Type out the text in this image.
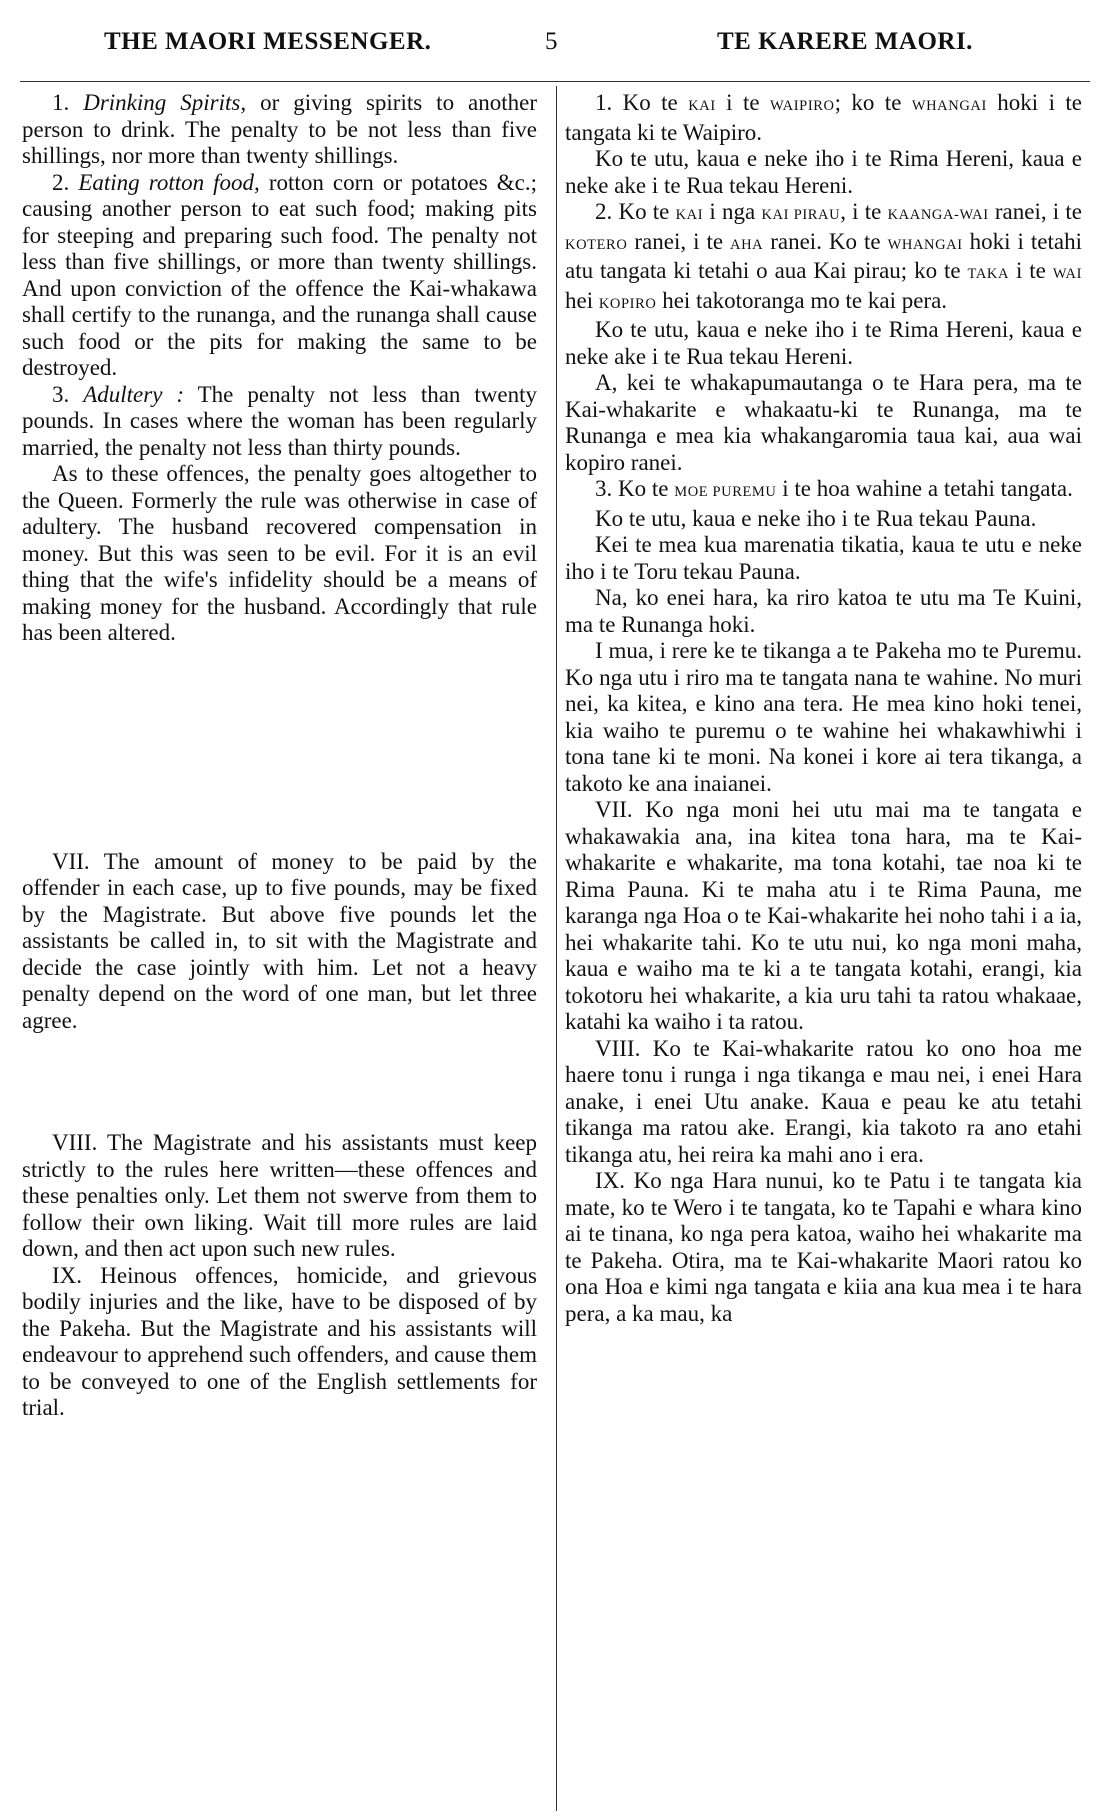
THE MAORI MESSENGER.	5	TE KARERE MAORI.

1. Drinking Spirits, or giving spirits to another person to drink. The penalty to be not less than five shillings, nor more than twenty shillings.

2. Eating rotton food, rotton corn or potatoes &c.; causing another person to eat such food; making pits for steeping and preparing such food. The penalty not less than five shillings, or more than twenty shillings. And upon conviction of the offence the Kai-whakawa shall certify to the runanga, and the runanga shall cause such food or the pits for making the same to be destroyed.

3. Adultery : The penalty not less than twenty pounds. In cases where the woman has been regularly married, the penalty not less than thirty pounds.

As to these offences, the penalty goes altogether to the Queen. Formerly the rule was otherwise in case of adultery. The husband recovered compensation in money. But this was seen to be evil. For it is an evil thing that the wife's infidelity should be a means of making money for the husband. Accordingly that rule has been altered.

VII. The amount of money to be paid by the offender in each case, up to five pounds, may be fixed by the Magistrate. But above five pounds let the assistants be called in, to sit with the Magistrate and decide the case jointly with him. Let not a heavy penalty depend on the word of one man, but let three agree.

VIII. The Magistrate and his assistants must keep strictly to the rules here written—these offences and these penalties only. Let them not swerve from them to follow their own liking. Wait till more rules are laid down, and then act upon such new rules.

IX. Heinous offences, homicide, and grievous bodily injuries and the like, have to be disposed of by the Pakeha. But the Magistrate and his assistants will endeavour to apprehend such offenders, and cause them to be conveyed to one of the English settlements for trial.

1. Ko te KAI i te WAIPIRO; ko te WHANGAI hoki i te tangata ki te Waipiro.

Ko te utu, kaua e neke iho i te Rima Hereni, kaua e neke ake i te Rua tekau Hereni.

2. Ko te KAI i nga KAI PIRAU, i te KAANGA-WAI ranei, i te KOTERO ranei, i te AHA ranei. Ko te WHANGAI hoki i tetahi atu tangata ki tetahi o aua Kai pirau; ko te TAKA i te WAI hei KOPIRO hei takotoranga mo te kai pera.

Ko te utu, kaua e neke iho i te Rima Hereni, kaua e neke ake i te Rua tekau Hereni.

A, kei te whakapumautanga o te Hara pera, ma te Kai-whakarite e whakaatu-ki te Runanga, ma te Runanga e mea kia whakangaromia taua kai, aua wai kopiro ranei.

3. Ko te MOE PUREMU i te hoa wahine a tetahi tangata.

Ko te utu, kaua e neke iho i te Rua tekau Pauna.

Kei te mea kua marenatia tikatia, kaua te utu e neke iho i te Toru tekau Pauna.

Na, ko enei hara, ka riro katoa te utu ma Te Kuini, ma te Runanga hoki.

I mua, i rere ke te tikanga a te Pakeha mo te Puremu. Ko nga utu i riro ma te tangata nana te wahine. No muri nei, ka kitea, e kino ana tera. He mea kino hoki tenei, kia waiho te puremu o te wahine hei whakawhiwhi i tona tane ki te moni. Na konei i kore ai tera tikanga, a takoto ke ana inaianei.

VII. Ko nga moni hei utu mai ma te tangata e whakawakia ana, ina kitea tona hara, ma te Kai-whakarite e whakarite, ma tona kotahi, tae noa ki te Rima Pauna. Ki te maha atu i te Rima Pauna, me karanga nga Hoa o te Kai-whakarite hei noho tahi i a ia, hei whakarite tahi. Ko te utu nui, ko nga moni maha, kaua e waiho ma te ki a te tangata kotahi, erangi, kia tokotoru hei whakarite, a kia uru tahi ta ratou whakaae, katahi ka waiho i ta ratou.

VIII. Ko te Kai-whakarite ratou ko ono hoa me haere tonu i runga i nga tikanga e mau nei, i enei Hara anake, i enei Utu anake. Kaua e peau ke atu tetahi tikanga ma ratou ake. Erangi, kia takoto ra ano etahi tikanga atu, hei reira ka mahi ano i era.

IX. Ko nga Hara nunui, ko te Patu i te tangata kia mate, ko te Wero i te tangata, ko te Tapahi e whara kino ai te tinana, ko nga pera katoa, waiho hei whakarite ma te Pakeha. Otira, ma te Kai-whakarite Maori ratou ko ona Hoa e kimi nga tangata e kiia ana kua mea i te hara pera, a ka mau, ka
